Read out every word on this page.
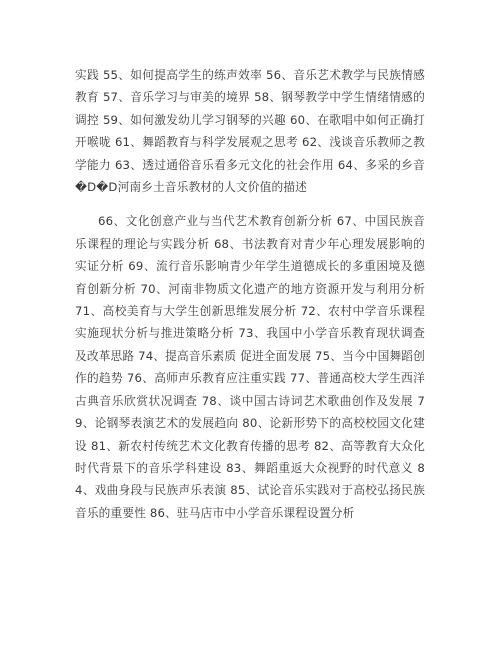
实践 55、如何提高学生的练声效率 56、音乐艺术教学与民族情感教育 57、音乐学习与审美的境界 58、钢琴教学中学生情绪情感的调控 59、如何激发幼儿学习钢琴的兴趣 60、在歌唱中如何正确打开喉咙 61、舞蹈教育与科学发展观之思考 62、浅谈音乐教师之教学能力 63、透过通俗音乐看多元文化的社会作用 64、多采的乡音�D�D河南乡土音乐教材的人文价值的描述

66、文化创意产业与当代艺术教育创新分析 67、中国民族音乐课程的理论与实践分析 68、书法教育对青少年心理发展影响的实证分析 69、流行音乐影响青少年学生道德成长的多重困境及德育创新分析 70、河南非物质文化遗产的地方资源开发与利用分析 71、高校美育与大学生创新思维发展分析 72、农村中学音乐课程实施现状分析与推进策略分析 73、我国中小学音乐教育现状调查及改革思路 74、提高音乐素质 促进全面发展 75、当今中国舞蹈创作的趋势 76、高师声乐教育应注重实践 77、普通高校大学生西洋古典音乐欣赏状况调查 78、谈中国古诗词艺术歌曲创作及发展 79、论钢琴表演艺术的发展趋向 80、论新形势下的高校校园文化建设 81、新农村传统艺术文化教育传播的思考 82、高等教育大众化时代背景下的音乐学科建设 83、舞蹈重返大众视野的时代意义 84、戏曲身段与民族声乐表演 85、试论音乐实践对于高校弘扬民族音乐的重要性 86、驻马店市中小学音乐课程设置分析
